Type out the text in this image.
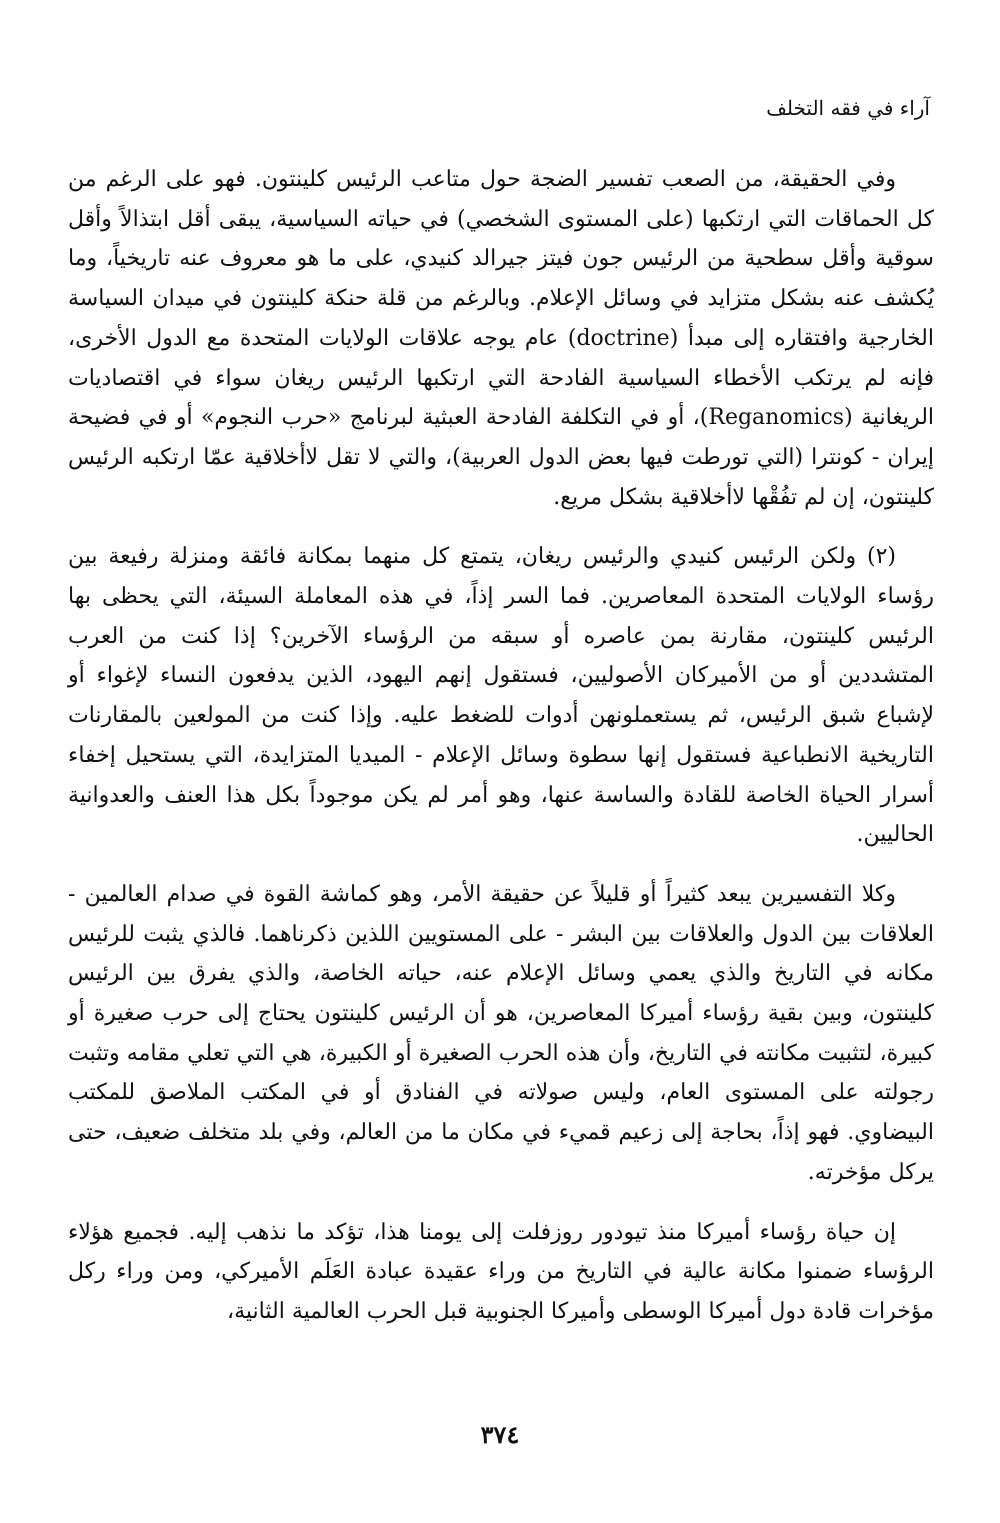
آراء في فقه التخلف

وفي الحقيقة، من الصعب تفسير الضجة حول متاعب الرئيس كلينتون. فهو على الرغم من كل الحماقات التي ارتكبها (على المستوى الشخصي) في حياته السياسية، يبقى أقل ابتذالاً وأقل سوقية وأقل سطحية من الرئيس جون فيتز جيرالد كنيدي، على ما هو معروف عنه تاريخياً، وما يُكشف عنه بشكل متزايد في وسائل الإعلام. وبالرغم من قلة حنكة كلينتون في ميدان السياسة الخارجية وافتقاره إلى مبدأ (doctrine) عام يوجه علاقات الولايات المتحدة مع الدول الأخرى، فإنه لم يرتكب الأخطاء السياسية الفادحة التي ارتكبها الرئيس ريغان سواء في اقتصاديات الريغانية (Reganomics)، أو في التكلفة الفادحة العبثية لبرنامج «حرب النجوم» أو في فضيحة إيران - كونترا (التي تورطت فيها بعض الدول العربية)، والتي لا تقل لاأخلاقية عمّا ارتكبه الرئيس كلينتون، إن لم تفُقْها لاأخلاقية بشكل مريع.

(٢) ولكن الرئيس كنيدي والرئيس ريغان، يتمتع كل منهما بمكانة فائقة ومنزلة رفيعة بين رؤساء الولايات المتحدة المعاصرين. فما السر إذاً، في هذه المعاملة السيئة، التي يحظى بها الرئيس كلينتون، مقارنة بمن عاصره أو سبقه من الرؤساء الآخرين؟ إذا كنت من العرب المتشددين أو من الأميركان الأصوليين، فستقول إنهم اليهود، الذين يدفعون النساء لإغواء أو لإشباع شبق الرئيس، ثم يستعملونهن أدوات للضغط عليه. وإذا كنت من المولعين بالمقارنات التاريخية الانطباعية فستقول إنها سطوة وسائل الإعلام - الميديا المتزايدة، التي يستحيل إخفاء أسرار الحياة الخاصة للقادة والساسة عنها، وهو أمر لم يكن موجوداً بكل هذا العنف والعدوانية الحاليين.

وكلا التفسيرين يبعد كثيراً أو قليلاً عن حقيقة الأمر، وهو كماشة القوة في صدام العالمين - العلاقات بين الدول والعلاقات بين البشر - على المستويين اللذين ذكرناهما. فالذي يثبت للرئيس مكانه في التاريخ والذي يعمي وسائل الإعلام عنه، حياته الخاصة، والذي يفرق بين الرئيس كلينتون، وبين بقية رؤساء أميركا المعاصرين، هو أن الرئيس كلينتون يحتاج إلى حرب صغيرة أو كبيرة، لتثبيت مكانته في التاريخ، وأن هذه الحرب الصغيرة أو الكبيرة، هي التي تعلي مقامه وتثبت رجولته على المستوى العام، وليس صولاته في الفنادق أو في المكتب الملاصق للمكتب البيضاوي. فهو إذاً، بحاجة إلى زعيم قميء في مكان ما من العالم، وفي بلد متخلف ضعيف، حتى يركل مؤخرته.

إن حياة رؤساء أميركا منذ تيودور روزفلت إلى يومنا هذا، تؤكد ما نذهب إليه. فجميع هؤلاء الرؤساء ضمنوا مكانة عالية في التاريخ من وراء عقيدة عبادة العَلَم الأميركي، ومن وراء ركل مؤخرات قادة دول أميركا الوسطى وأميركا الجنوبية قبل الحرب العالمية الثانية،

٣٧٤
